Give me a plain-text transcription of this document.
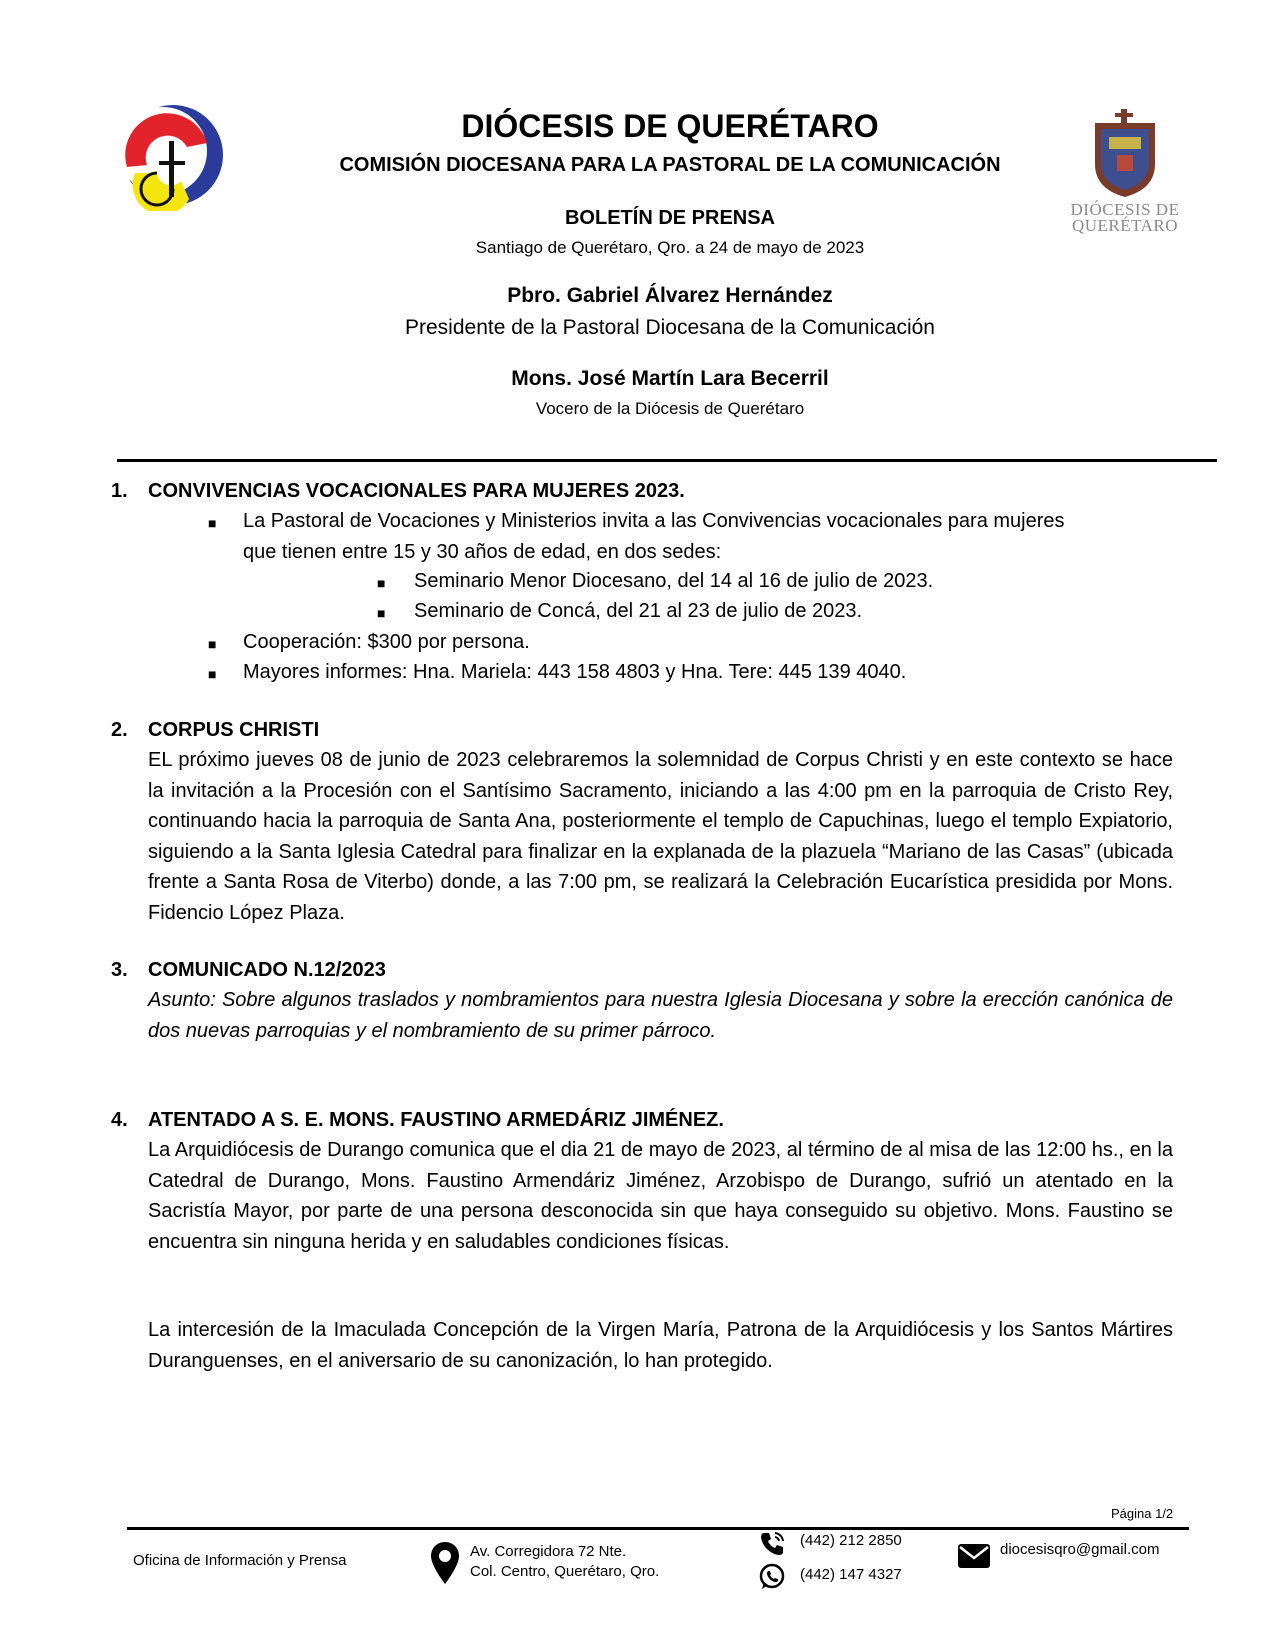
DIÓCESIS DE
QUERÉTARO
DIÓCESIS DE QUERÉTARO
COMISIÓN DIOCESANA PARA LA PASTORAL DE LA COMUNICACIÓN
BOLETÍN DE PRENSA
Santiago de Querétaro, Qro. a 24 de mayo de 2023
Pbro. Gabriel Álvarez Hernández
Presidente de la Pastoral Diocesana de la Comunicación
Mons. José Martín Lara Becerril
Vocero de la Diócesis de Querétaro
1. CONVIVENCIAS VOCACIONALES PARA MUJERES 2023.
■ La Pastoral de Vocaciones y Ministerios invita a las Convivencias vocacionales para mujeres
que tienen entre 15 y 30 años de edad, en dos sedes:
■ Seminario Menor Diocesano, del 14 al 16 de julio de 2023.
■ Seminario de Concá, del 21 al 23 de julio de 2023.
■ Cooperación: $300 por persona.
■ Mayores informes: Hna. Mariela: 443 158 4803 y Hna. Tere: 445 139 4040.
2. CORPUS CHRISTI
EL próximo jueves 08 de junio de 2023 celebraremos la solemnidad de Corpus Christi y en este contexto se hace la invitación a la Procesión con el Santísimo Sacramento, iniciando a las 4:00 pm en la parroquia de Cristo Rey, continuando hacia la parroquia de Santa Ana, posteriormente el templo de Capuchinas, luego el templo Expiatorio, siguiendo a la Santa Iglesia Catedral para finalizar en la explanada de la plazuela “Mariano de las Casas” (ubicada frente a Santa Rosa de Viterbo) donde, a las 7:00 pm, se realizará la Celebración Eucarística presidida por Mons. Fidencio López Plaza.
3. COMUNICADO N.12/2023
Asunto: Sobre algunos traslados y nombramientos para nuestra Iglesia Diocesana y sobre la erección canónica de dos nuevas parroquias y el nombramiento de su primer párroco.
4. ATENTADO A S. E. MONS. FAUSTINO ARMEDÁRIZ JIMÉNEZ.
La Arquidiócesis de Durango comunica que el dia 21 de mayo de 2023, al término de al misa de las 12:00 hs., en la Catedral de Durango, Mons. Faustino Armendáriz Jiménez, Arzobispo de Durango, sufrió un atentado en la Sacristía Mayor, por parte de una persona desconocida sin que haya conseguido su objetivo. Mons. Faustino se encuentra sin ninguna herida y en saludables condiciones físicas.
La intercesión de la Imaculada Concepción de la Virgen María, Patrona de la Arquidiócesis y los Santos Mártires Duranguenses, en el aniversario de su canonización, lo han protegido.
Página 1/2
Oficina de Información y Prensa
Av. Corregidora 72 Nte.
Col. Centro, Querétaro, Qro.
(442) 212 2850
(442) 147 4327
diocesisqro@gmail.com
